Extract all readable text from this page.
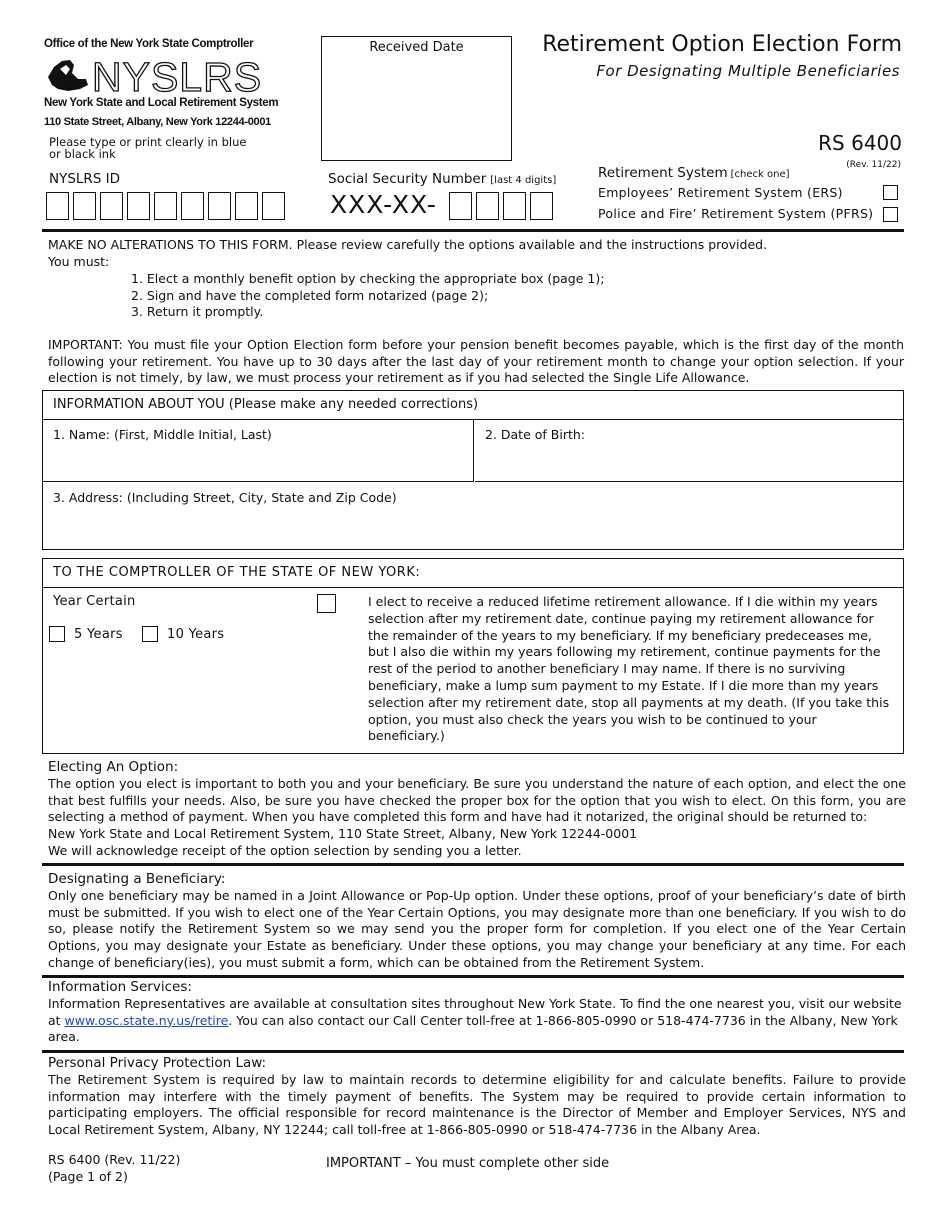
Office of the New York State Comptroller
NYSLRS
New York State and Local Retirement System
110 State Street, Albany, New York 12244-0001
Please type or print clearly in blue or black ink
Received Date	Retirement Option Election Form
For Designating Multiple Beneficiaries
RS 6400
(Rev. 11/22)
NYSLRS ID	Social Security Number [last 4 digits]
XXX-XX-
Retirement System [check one]
Employees’ Retirement System (ERS)
Police and Fire’ Retirement System (PFRS)
MAKE NO ALTERATIONS TO THIS FORM. Please review carefully the options available and the instructions provided.
You must:
1. Elect a monthly benefit option by checking the appropriate box (page 1);
2. Sign and have the completed form notarized (page 2);
3. Return it promptly.
IMPORTANT: You must file your Option Election form before your pension benefit becomes payable, which is the first day of the month following your retirement. You have up to 30 days after the last day of your retirement month to change your option selection. If your election is not timely, by law, we must process your retirement as if you had selected the Single Life Allowance.
INFORMATION ABOUT YOU (Please make any needed corrections)
1. Name: (First, Middle Initial, Last)	2. Date of Birth:
3. Address: (Including Street, City, State and Zip Code)
TO THE COMPTROLLER OF THE STATE OF NEW YORK:
Year Certain
5 Years	10 Years
I elect to receive a reduced lifetime retirement allowance. If I die within my years selection after my retirement date, continue paying my retirement allowance for the remainder of the years to my beneficiary. If my beneficiary predeceases me, but I also die within my years following my retirement, continue payments for the rest of the period to another beneficiary I may name. If there is no surviving beneficiary, make a lump sum payment to my Estate. If I die more than my years selection after my retirement date, stop all payments at my death. (If you take this option, you must also check the years you wish to be continued to your beneficiary.)
Electing An Option:
The option you elect is important to both you and your beneficiary. Be sure you understand the nature of each option, and elect the one that best fulfills your needs. Also, be sure you have checked the proper box for the option that you wish to elect. On this form, you are selecting a method of payment. When you have completed this form and have had it notarized, the original should be returned to:
New York State and Local Retirement System, 110 State Street, Albany, New York 12244-0001
We will acknowledge receipt of the option selection by sending you a letter.
Designating a Beneficiary:
Only one beneficiary may be named in a Joint Allowance or Pop-Up option. Under these options, proof of your beneficiary’s date of birth must be submitted. If you wish to elect one of the Year Certain Options, you may designate more than one beneficiary. If you wish to do so, please notify the Retirement System so we may send you the proper form for completion. If you elect one of the Year Certain Options, you may designate your Estate as beneficiary. Under these options, you may change your beneficiary at any time. For each change of beneficiary(ies), you must submit a form, which can be obtained from the Retirement System.
Information Services:
Information Representatives are available at consultation sites throughout New York State. To find the one nearest you, visit our website at www.osc.state.ny.us/retire. You can also contact our Call Center toll-free at 1-866-805-0990 or 518-474-7736 in the Albany, New York area.
Personal Privacy Protection Law:
The Retirement System is required by law to maintain records to determine eligibility for and calculate benefits. Failure to provide information may interfere with the timely payment of benefits. The System may be required to provide certain information to participating employers. The official responsible for record maintenance is the Director of Member and Employer Services, NYS and Local Retirement System, Albany, NY 12244; call toll-free at 1-866-805-0990 or 518-474-7736 in the Albany Area.
RS 6400 (Rev. 11/22)
(Page 1 of 2)
IMPORTANT – You must complete other side
